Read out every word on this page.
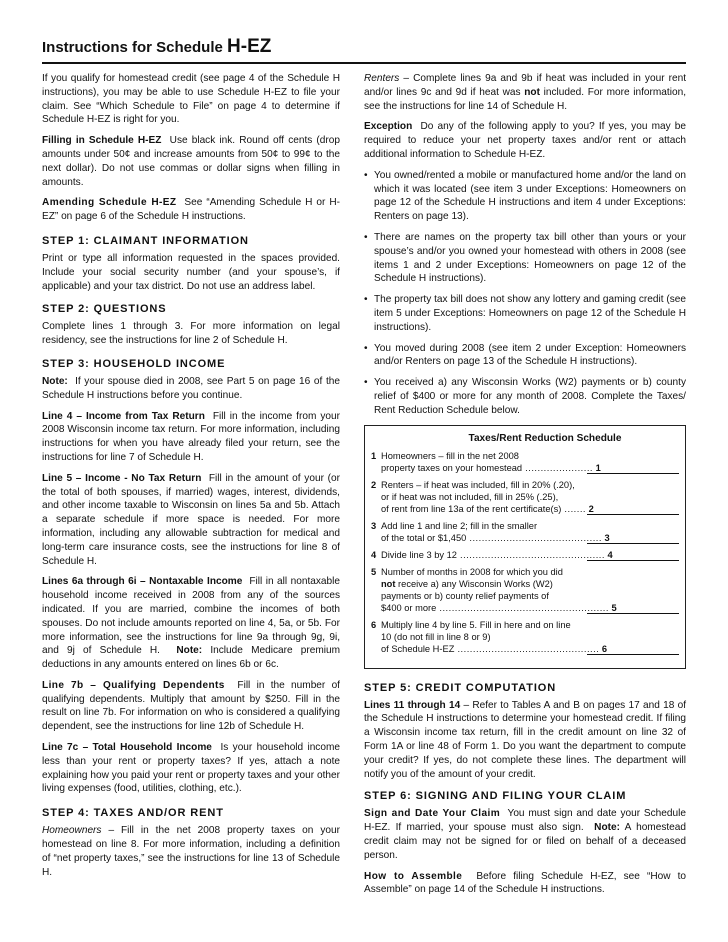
Instructions for Schedule H-EZ

If you qualify for homestead credit (see page 4 of the Schedule H instructions), you may be able to use Schedule H-EZ to file your claim. See “Which Schedule to File” on page 4 to determine if Schedule H-EZ is right for you.

Filling in Schedule H-EZ Use black ink. Round off cents (drop amounts under 50¢ and increase amounts from 50¢ to 99¢ to the next dollar). Do not use commas or dollar signs when filling in amounts.

Amending Schedule H-EZ See “Amending Schedule H or H-EZ” on page 6 of the Schedule H instructions.

STEP 1: CLAIMANT INFORMATION

Print or type all information requested in the spaces provided. Include your social security number (and your spouse’s, if applicable) and your tax district. Do not use an address label.

STEP 2: QUESTIONS

Complete lines 1 through 3. For more information on legal residency, see the instructions for line 2 of Schedule H.

STEP 3: HOUSEHOLD INCOME

Note: If your spouse died in 2008, see Part 5 on page 16 of the Schedule H instructions before you continue.

Line 4 – Income from Tax Return Fill in the income from your 2008 Wisconsin income tax return. For more information, including instructions for when you have already filed your return, see the instructions for line 7 of Schedule H.

Line 5 – Income - No Tax Return Fill in the amount of your (or the total of both spouses, if married) wages, interest, dividends, and other income taxable to Wisconsin on lines 5a and 5b. Attach a separate schedule if more space is needed. For more information, including any allowable subtraction for medical and long-term care insurance costs, see the instructions for line 8 of Schedule H.

Lines 6a through 6i – Nontaxable Income Fill in all nontaxable household income received in 2008 from any of the sources indicated. If you are married, combine the incomes of both spouses. Do not include amounts reported on line 4, 5a, or 5b. For more information, see the instructions for line 9a through 9g, 9i, and 9j of Schedule H. Note: Include Medicare premium deductions in any amounts entered on lines 6b or 6c.

Line 7b – Qualifying Dependents Fill in the number of qualifying dependents. Multiply that amount by $250. Fill in the result on line 7b. For information on who is considered a qualifying dependent, see the instructions for line 12b of Schedule H.

Line 7c – Total Household Income Is your household income less than your rent or property taxes? If yes, attach a note explaining how you paid your rent or property taxes and your other living expenses (food, utilities, clothing, etc.).

STEP 4: TAXES AND/OR RENT

Homeowners – Fill in the net 2008 property taxes on your homestead on line 8. For more information, including a definition of “net property taxes,” see the instructions for line 13 of Schedule H.

Renters – Complete lines 9a and 9b if heat was included in your rent and/or lines 9c and 9d if heat was not included. For more information, see the instructions for line 14 of Schedule H.

Exception Do any of the following apply to you? If yes, you may be required to reduce your net property taxes and/or rent or attach additional information to Schedule H-EZ.

• You owned/rented a mobile or manufactured home and/or the land on which it was located (see item 3 under Exceptions: Homeowners on page 12 of the Schedule H instructions and item 4 under Exceptions: Renters on page 13).
• There are names on the property tax bill other than yours or your spouse’s and/or you owned your homestead with others in 2008 (see items 1 and 2 under Exceptions: Homeowners on page 12 of the Schedule H instructions).
• The property tax bill does not show any lottery and gaming credit (see item 5 under Exceptions: Homeowners on page 12 of the Schedule H instructions).
• You moved during 2008 (see item 2 under Exception: Homeowners and/or Renters on page 13 of the Schedule H instructions).
• You received a) any Wisconsin Works (W2) payments or b) county relief of $400 or more for any month of 2008. Complete the Taxes/ Rent Reduction Schedule below.
Taxes/Rent Reduction Schedule
1 Homeowners – fill in the net 2008
property taxes on your homestead ...................... 1
2 Renters – if heat was included, fill in 20% (.20), or if heat was not included, fill in 25% (.25),
of rent from line 13a of the rent certificate(s) ....... 2
3 Add line 1 and line 2; fill in the smaller
of the total or $1,450 ........................................... 3
4 Divide line 3 by 12 ............................................... 4
5 Number of months in 2008 for which you did not receive a) any Wisconsin Works (W2) payments or b) county relief payments of
$400 or more ....................................................... 5
6 Multiply line 4 by line 5. Fill in here and on line 10 (do not fill in line 8 or 9)
of Schedule H-EZ .............................................. 6
STEP 5: CREDIT COMPUTATION

Lines 11 through 14 – Refer to Tables A and B on pages 17 and 18 of the Schedule H instructions to determine your homestead credit. If filing a Wisconsin income tax return, fill in the credit amount on line 32 of Form 1A or line 48 of Form 1. Do you want the department to compute your credit? If yes, do not complete these lines. The department will notify you of the amount of your credit.

STEP 6: SIGNING AND FILING YOUR CLAIM

Sign and Date Your Claim You must sign and date your Schedule H-EZ. If married, your spouse must also sign. Note: A homestead credit claim may not be signed for or filed on behalf of a deceased person.

How to Assemble Before filing Schedule H-EZ, see “How to Assemble” on page 14 of the Schedule H instructions.
